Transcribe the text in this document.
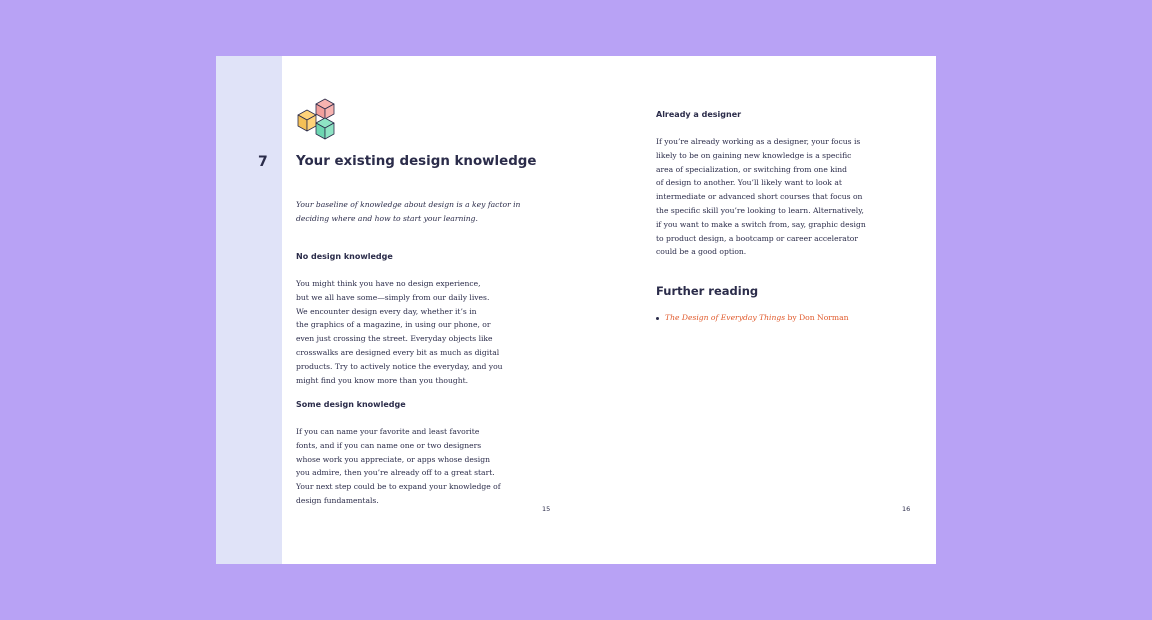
7 Your existing design knowledge

Your baseline of knowledge about design is a key factor in
deciding where and how to start your learning.

No design knowledge

You might think you have no design experience,
but we all have some—simply from our daily lives.
We encounter design every day, whether it’s in
the graphics of a magazine, in using our phone, or
even just crossing the street. Everyday objects like
crosswalks are designed every bit as much as digital
products. Try to actively notice the everyday, and you
might find you know more than you thought.

Some design knowledge

If you can name your favorite and least favorite
fonts, and if you can name one or two designers
whose work you appreciate, or apps whose design
you admire, then you’re already off to a great start.
Your next step could be to expand your knowledge of
design fundamentals.

15
Already a designer

If you’re already working as a designer, your focus is
likely to be on gaining new knowledge is a specific
area of specialization, or switching from one kind
of design to another. You’ll likely want to look at
intermediate or advanced short courses that focus on
the specific skill you’re looking to learn. Alternatively,
if you want to make a switch from, say, graphic design
to product design, a bootcamp or career accelerator
could be a good option.

Further reading

The Design of Everyday Things by Don Norman

16
